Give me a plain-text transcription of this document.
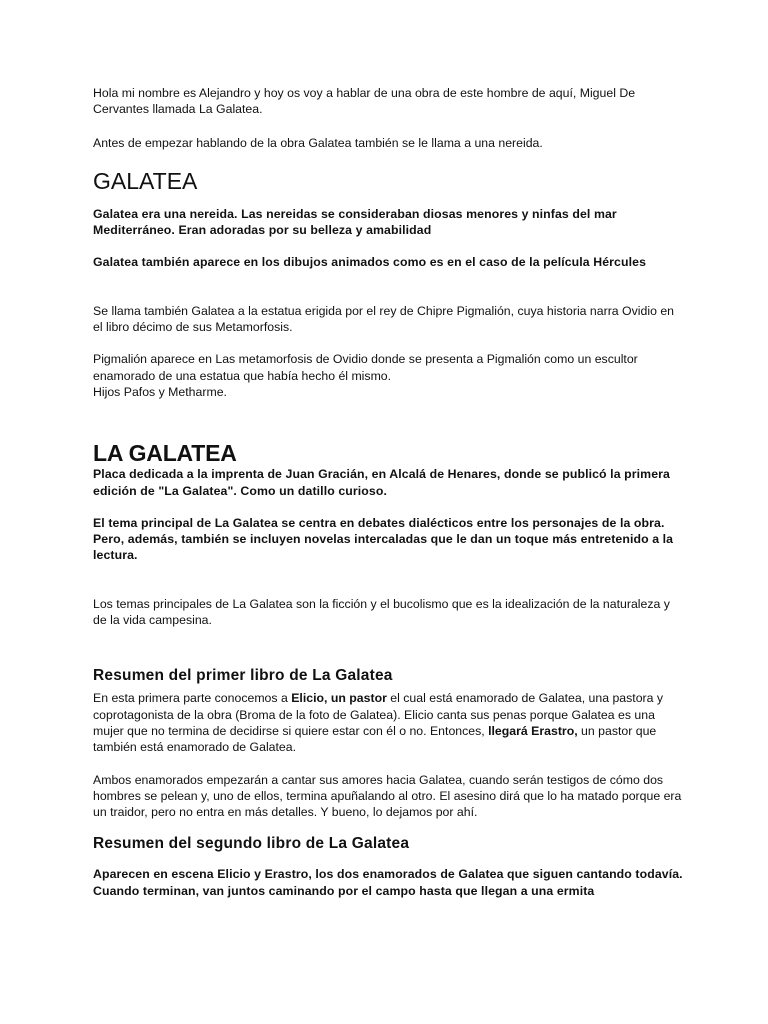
Hola mi nombre es Alejandro y hoy os voy a hablar de una obra de este hombre de aquí, Miguel De Cervantes llamada La Galatea.

Antes de empezar hablando de la obra Galatea también se le llama a una nereida.

GALATEA

Galatea era una nereida. Las nereidas se consideraban diosas menores y ninfas del mar Mediterráneo. Eran adoradas por su belleza y amabilidad

Galatea también aparece en los dibujos animados como es en el caso de la película Hércules

Se llama también Galatea a la estatua erigida por el rey de Chipre Pigmalión, cuya historia narra Ovidio en el libro décimo de sus Metamorfosis.

Pigmalión aparece en Las metamorfosis de Ovidio donde se presenta a Pigmalión como un escultor enamorado de una estatua que había hecho él mismo.
Hijos Pafos y Metharme.

LA GALATEA

Placa dedicada a la imprenta de Juan Gracián, en Alcalá de Henares, donde se publicó la primera edición de "La Galatea". Como un datillo curioso.

El tema principal de La Galatea se centra en debates dialécticos entre los personajes de la obra. Pero, además, también se incluyen novelas intercaladas que le dan un toque más entretenido a la lectura.

Los temas principales de La Galatea son la ficción y el bucolismo que es la idealización de la naturaleza y de la vida campesina.

Resumen del primer libro de La Galatea

En esta primera parte conocemos a Elicio, un pastor el cual está enamorado de Galatea, una pastora y coprotagonista de la obra (Broma de la foto de Galatea). Elicio canta sus penas porque Galatea es una mujer que no termina de decidirse si quiere estar con él o no. Entonces, llegará Erastro, un pastor que también está enamorado de Galatea.

Ambos enamorados empezarán a cantar sus amores hacia Galatea, cuando serán testigos de cómo dos hombres se pelean y, uno de ellos, termina apuñalando al otro. El asesino dirá que lo ha matado porque era un traidor, pero no entra en más detalles. Y bueno, lo dejamos por ahí.

Resumen del segundo libro de La Galatea

Aparecen en escena Elicio y Erastro, los dos enamorados de Galatea que siguen cantando todavía. Cuando terminan, van juntos caminando por el campo hasta que llegan a una ermita
